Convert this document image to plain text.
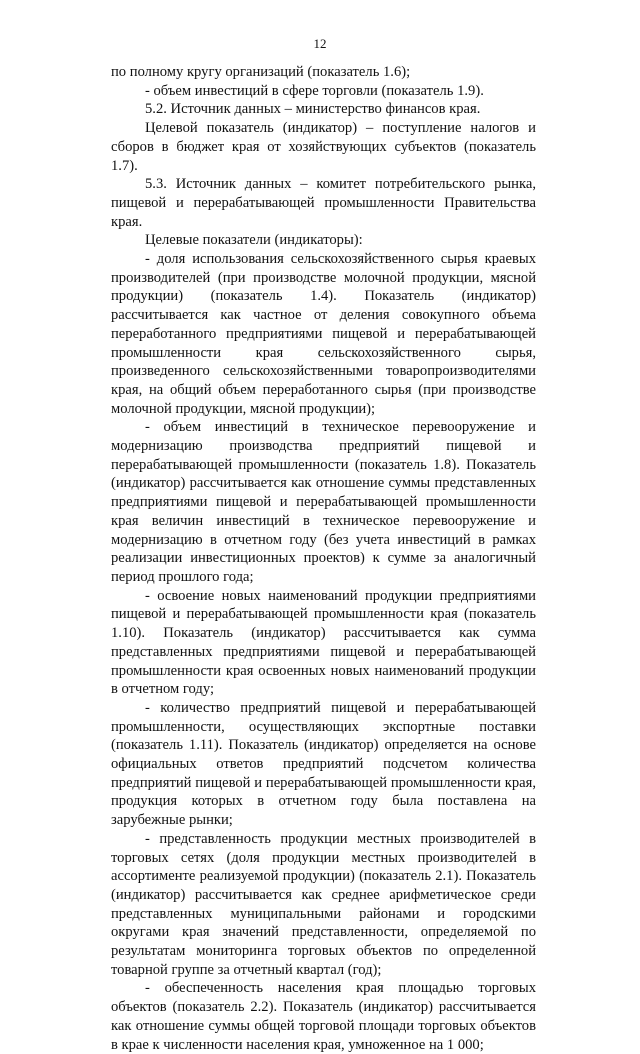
12

по полному кругу организаций (показатель 1.6);

- объем инвестиций в сфере торговли (показатель 1.9).

5.2. Источник данных – министерство финансов края.

Целевой показатель (индикатор) – поступление налогов и сборов в бюджет края от хозяйствующих субъектов (показатель 1.7).

5.3. Источник данных – комитет потребительского рынка, пищевой и перерабатывающей промышленности Правительства края.

Целевые показатели (индикаторы):

- доля использования сельскохозяйственного сырья краевых производителей (при производстве молочной продукции, мясной продукции) (показатель 1.4). Показатель (индикатор) рассчитывается как частное от деления совокупного объема переработанного предприятиями пищевой и перерабатывающей промышленности края сельскохозяйственного сырья, произведенного сельскохозяйственными товаропроизводителями края, на общий объем переработанного сырья (при производстве молочной продукции, мясной продукции);

- объем инвестиций в техническое перевооружение и модернизацию производства предприятий пищевой и перерабатывающей промышленности (показатель 1.8). Показатель (индикатор) рассчитывается как отношение суммы представленных предприятиями пищевой и перерабатывающей промышленности края величин инвестиций в техническое перевооружение и модернизацию в отчетном году (без учета инвестиций в рамках реализации инвестиционных проектов) к сумме за аналогичный период прошлого года;

- освоение новых наименований продукции предприятиями пищевой и перерабатывающей промышленности края (показатель 1.10). Показатель (индикатор) рассчитывается как сумма представленных предприятиями пищевой и перерабатывающей промышленности края освоенных новых наименований продукции в отчетном году;

- количество предприятий пищевой и перерабатывающей промышленности, осуществляющих экспортные поставки (показатель 1.11). Показатель (индикатор) определяется на основе официальных ответов предприятий подсчетом количества предприятий пищевой и перерабатывающей промышленности края, продукция которых в отчетном году была поставлена на зарубежные рынки;

- представленность продукции местных производителей в торговых сетях (доля продукции местных производителей в ассортименте реализуемой продукции) (показатель 2.1). Показатель (индикатор) рассчитывается как среднее арифметическое среди представленных муниципальными районами и городскими округами края значений представленности, определяемой по результатам мониторинга торговых объектов по определенной товарной группе за отчетный квартал (год);

- обеспеченность населения края площадью торговых объектов (показатель 2.2). Показатель (индикатор) рассчитывается как отношение суммы общей торговой площади торговых объектов в крае к численности населения края, умноженное на 1 000;
